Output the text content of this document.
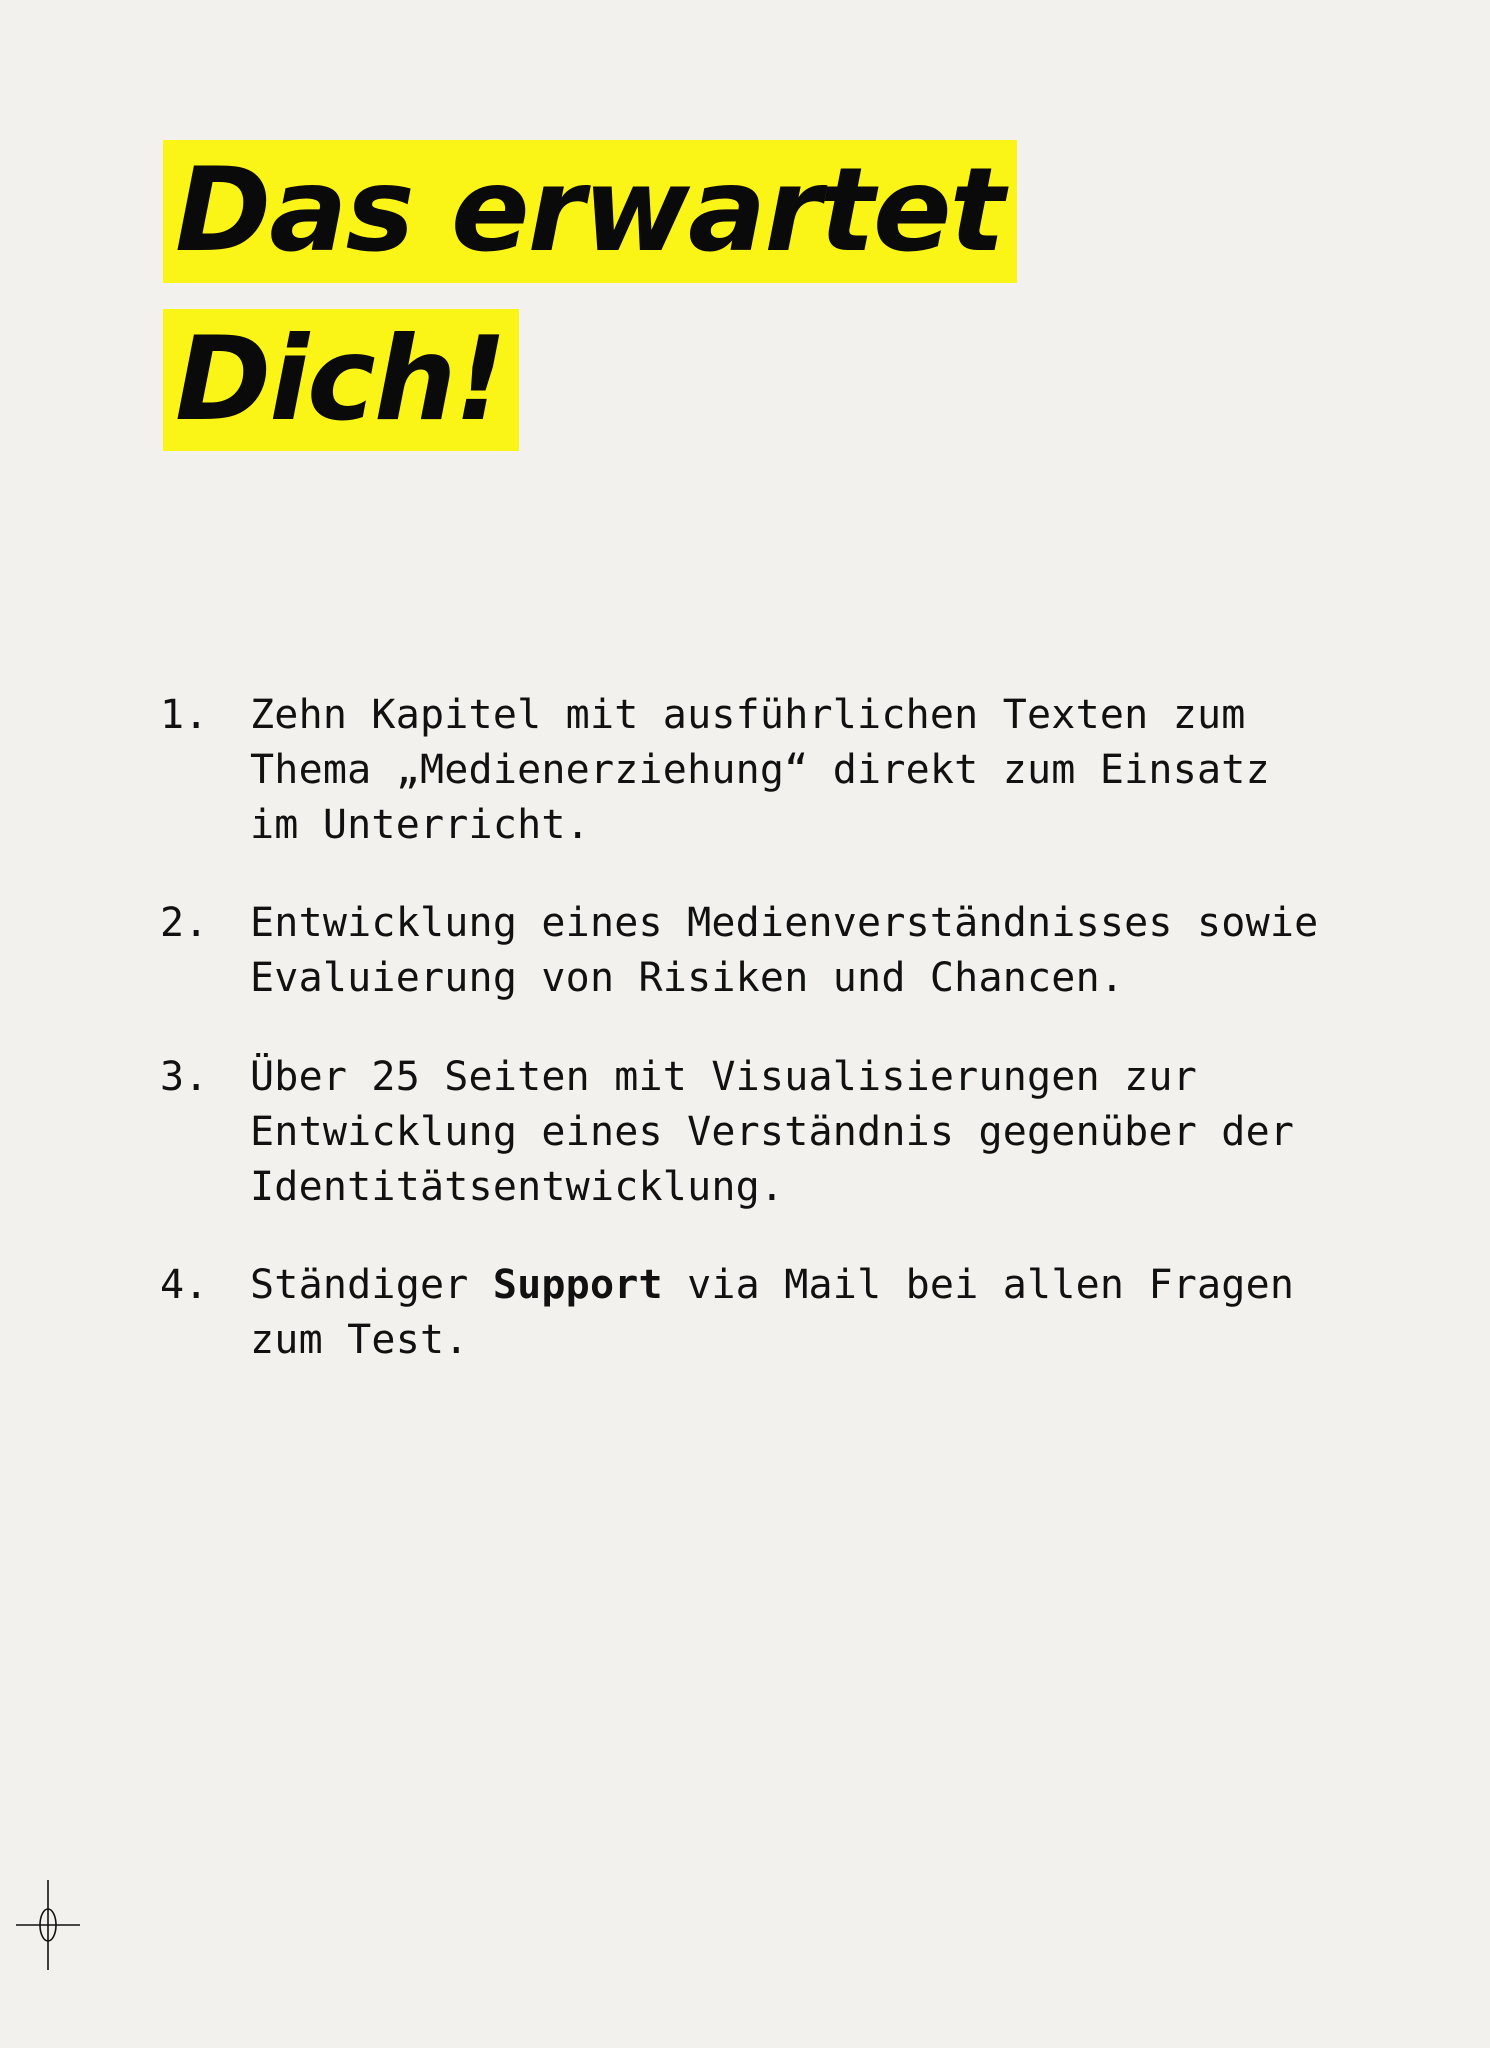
Das erwartet
Dich!
1.	Zehn Kapitel mit ausführlichen Texten zum Thema „Medienerziehung“ direkt zum Einsatz im Unterricht.
2.	Entwicklung eines Medienverständnisses sowie Evaluierung von Risiken und Chancen.
3.	Über 25 Seiten mit Visualisierungen zur Entwicklung eines Verständnis gegenüber der Identitätsentwicklung.
4.	Ständiger Support via Mail bei allen Fragen zum Test.
